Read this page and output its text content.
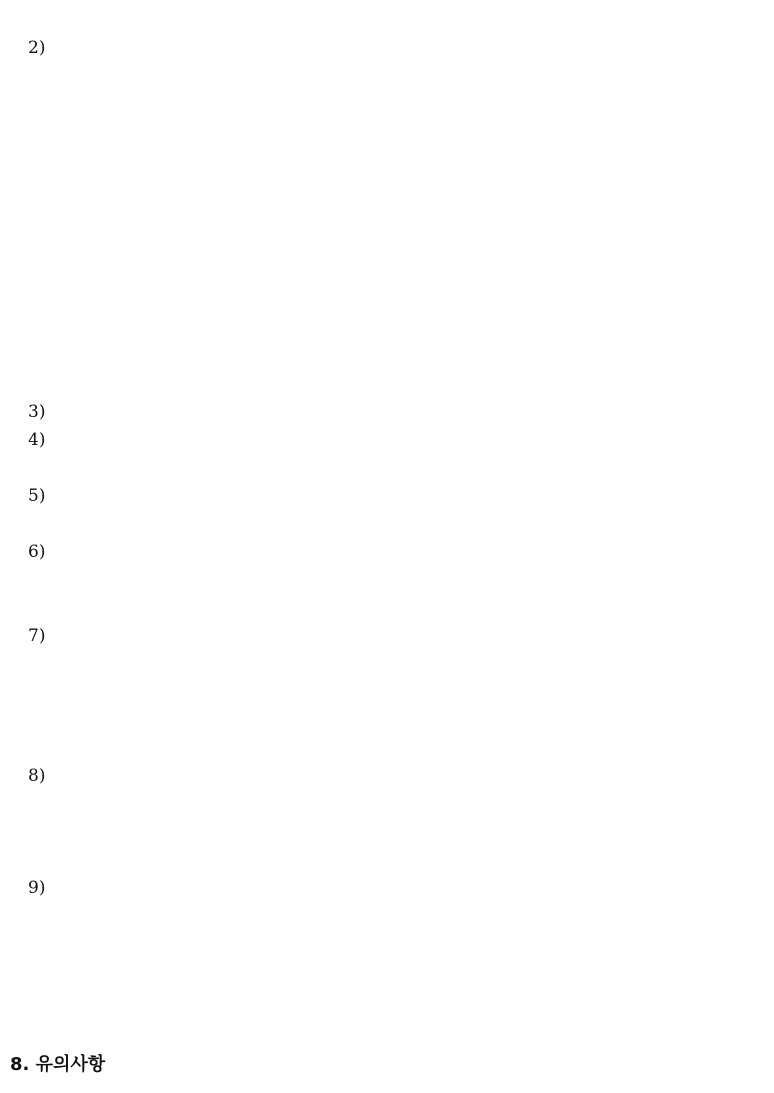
2)
3)
4)
5)
6)
7)
8)
9)
8. 유의사항
